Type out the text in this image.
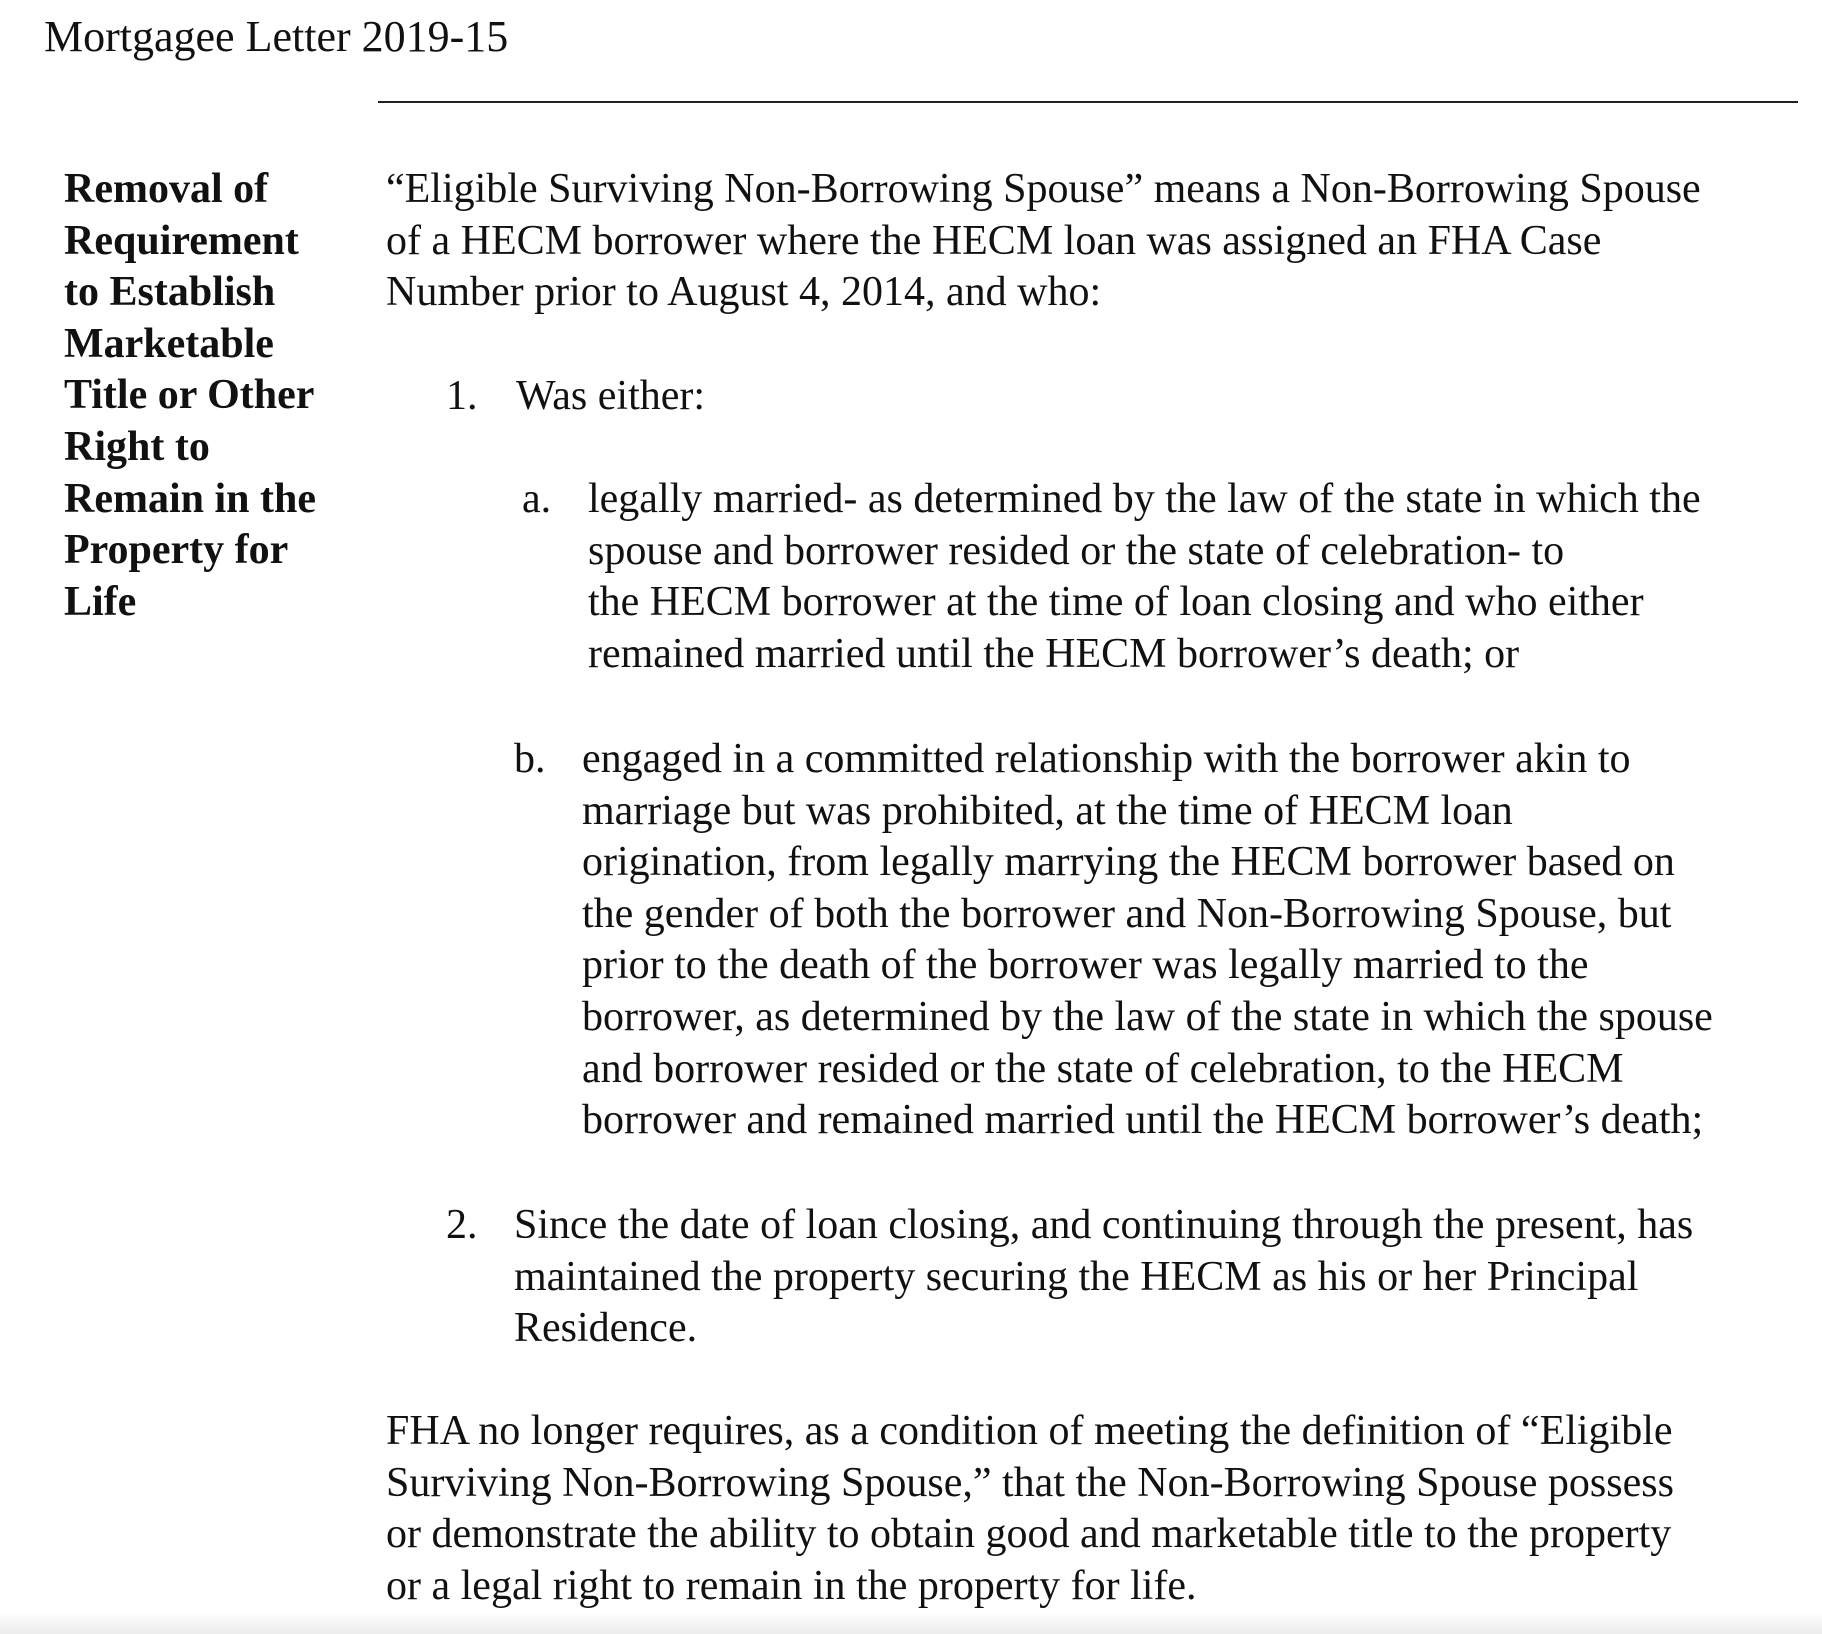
Mortgagee Letter 2019-15
Removal of
Requirement
to Establish
Marketable
Title or Other
Right to
Remain in the
Property for
Life

“Eligible Surviving Non-Borrowing Spouse” means a Non-Borrowing Spouse
of a HECM borrower where the HECM loan was assigned an FHA Case
Number prior to August 4, 2014, and who:

1. Was either:
a. legally married- as determined by the law of the state in which the
spouse and borrower resided or the state of celebration- to
the HECM borrower at the time of loan closing and who either
remained married until the HECM borrower’s death; or
b. engaged in a committed relationship with the borrower akin to
marriage but was prohibited, at the time of HECM loan
origination, from legally marrying the HECM borrower based on
the gender of both the borrower and Non-Borrowing Spouse, but
prior to the death of the borrower was legally married to the
borrower, as determined by the law of the state in which the spouse
and borrower resided or the state of celebration, to the HECM
borrower and remained married until the HECM borrower’s death;
2. Since the date of loan closing, and continuing through the present, has
maintained the property securing the HECM as his or her Principal
Residence.

FHA no longer requires, as a condition of meeting the definition of “Eligible
Surviving Non-Borrowing Spouse,” that the Non-Borrowing Spouse possess
or demonstrate the ability to obtain good and marketable title to the property
or a legal right to remain in the property for life.
